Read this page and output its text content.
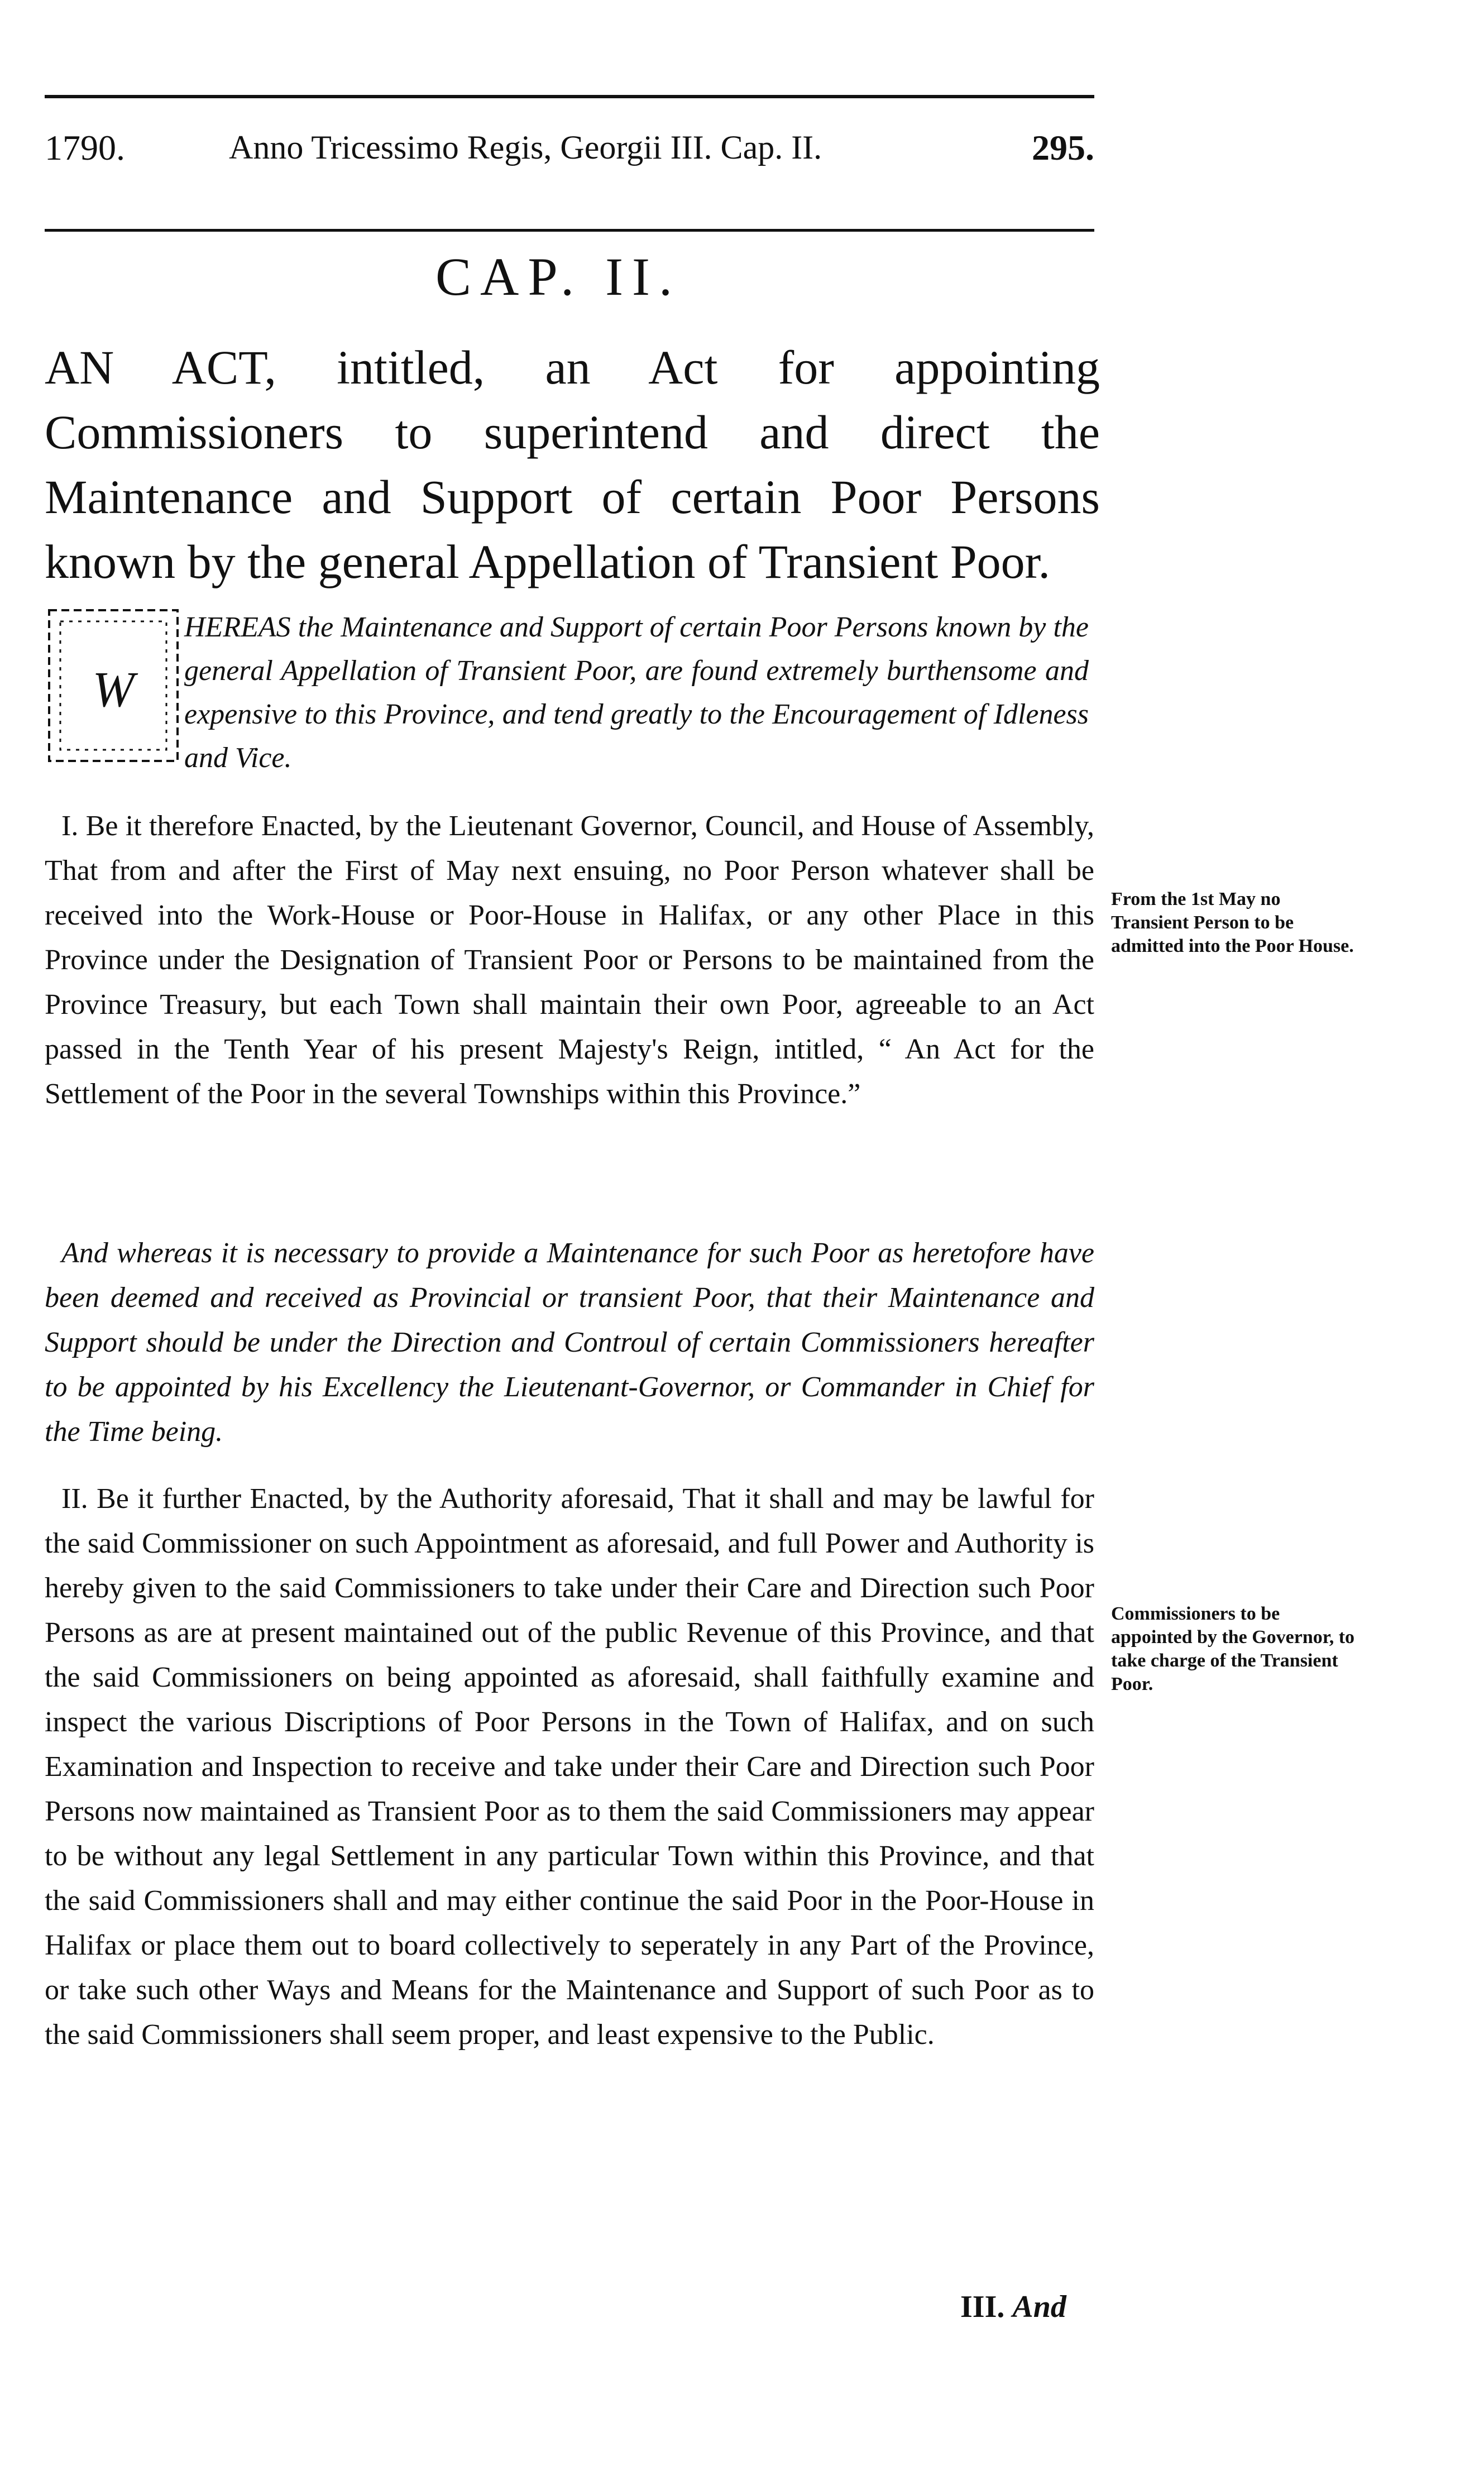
1790.	Anno Tricessimo Regis, Georgii III. Cap. II.	295.
CAP. II.
AN ACT, intitled, an Act for appointing Commissioners to superintend and direct the Maintenance and Support of certain Poor Persons known by the general Appellation of Transient Poor.
W
HEREAS the Maintenance and Support of certain Poor Persons known by the general Appellation of Transient Poor, are found extremely burthensome and expensive to this Province, and tend greatly to the Encouragement of Idleness and Vice.
I. Be it therefore Enacted, by the Lieutenant Governor, Council, and House of Assembly, That from and after the First of May next ensuing, no Poor Person whatever shall be received into the Work-House or Poor-House in Halifax, or any other Place in this Province under the Designation of Transient Poor or Persons to be maintained from the Province Treasury, but each Town shall maintain their own Poor, agreeable to an Act passed in the Tenth Year of his present Majesty's Reign, intitled, “ An Act for the Settlement of the Poor in the several Townships within this Province.”
From the 1st May no Transient Person to be admitted into the Poor House.
And whereas it is necessary to provide a Maintenance for such Poor as heretofore have been deemed and received as Provincial or transient Poor, that their Maintenance and Support should be under the Direction and Controul of certain Commissioners hereafter to be appointed by his Excellency the Lieutenant-Governor, or Commander in Chief for the Time being.
II. Be it further Enacted, by the Authority aforesaid, That it shall and may be lawful for the said Commissioner on such Appointment as aforesaid, and full Power and Authority is hereby given to the said Commissioners to take under their Care and Direction such Poor Persons as are at present maintained out of the public Revenue of this Province, and that the said Commissioners on being appointed as aforesaid, shall faithfully examine and inspect the various Discriptions of Poor Persons in the Town of Halifax, and on such Examination and Inspection to receive and take under their Care and Direction such Poor Persons now maintained as Transient Poor as to them the said Commissioners may appear to be without any legal Settlement in any particular Town within this Province, and that the said Commissioners shall and may either continue the said Poor in the Poor-House in Halifax or place them out to board collectively to seperately in any Part of the Province, or take such other Ways and Means for the Maintenance and Support of such Poor as to the said Commissioners shall seem proper, and least expensive to the Public.
Commissioners to be appointed by the Governor, to take charge of the Transient Poor.
III. And
